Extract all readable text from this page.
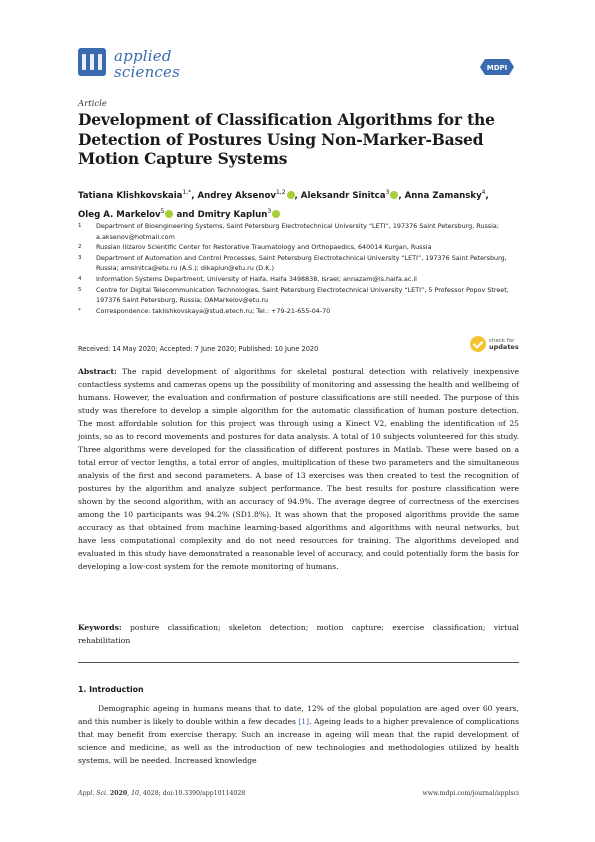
applied
sciences	MDPI
Article
Development of Classification Algorithms for the Detection of Postures Using Non-Marker-Based Motion Capture Systems
Tatiana Klishkovskaia$^{1,*}$, Andrey Aksenov$^{1,2}$ , Aleksandr Sinitca$^3$ , Anna Zamansky$^4$,
Oleg A. Markelov$^5$ and Dmitry Kaplun$^3$
1	Department of Bioengineering Systems, Saint Petersburg Electrotechnical University “LETI”, 197376 Saint Petersburg, Russia; a.aksenov@hotmail.com
2	Russian Ilizarov Scientific Center for Restorative Traumatology and Orthopaedics, 640014 Kurgan, Russia
3	Department of Automation and Control Processes, Saint Petersburg Electrotechnical University “LETI”, 197376 Saint Petersburg, Russia; amsinitca@etu.ru (A.S.); dikaplun@etu.ru (D.K.)
4	Information Systems Department, University of Haifa, Haifa 3498838, Israel; annazam@is.haifa.ac.il
5	Centre for Digital Telecommunication Technologies, Saint Petersburg Electrotechnical University “LETI”, 5 Professor Popov Street, 197376 Saint Petersburg, Russia; OAMarkelov@etu.ru
*	Correspondence: taklishkovskaya@stud.etech.ru; Tel.: +79-21-655-04-70
Received: 14 May 2020; Accepted: 7 June 2020; Published: 10 June 2020
check for
updates
Abstract: The rapid development of algorithms for skeletal postural detection with relatively inexpensive contactless systems and cameras opens up the possibility of monitoring and assessing the health and wellbeing of humans. However, the evaluation and confirmation of posture classifications are still needed. The purpose of this study was therefore to develop a simple algorithm for the automatic classification of human posture detection. The most affordable solution for this project was through using a Kinect V2, enabling the identification of 25 joints, so as to record movements and postures for data analysis. A total of 10 subjects volunteered for this study. Three algorithms were developed for the classification of different postures in Matlab. These were based on a total error of vector lengths, a total error of angles, multiplication of these two parameters and the simultaneous analysis of the first and second parameters. A base of 13 exercises was then created to test the recognition of postures by the algorithm and analyze subject performance. The best results for posture classification were shown by the second algorithm, with an accuracy of 94.9%. The average degree of correctness of the exercises among the 10 participants was 94.2% (SD1.8%). It was shown that the proposed algorithms provide the same accuracy as that obtained from machine learning-based algorithms and algorithms with neural networks, but have less computational complexity and do not need resources for training. The algorithms developed and evaluated in this study have demonstrated a reasonable level of accuracy, and could potentially form the basis for developing a low-cost system for the remote monitoring of humans.
Keywords: posture classification; skeleton detection; motion capture; exercise classification; virtual rehabilitation
1. Introduction
Demographic ageing in humans means that to date, 12% of the global population are aged over 60 years, and this number is likely to double within a few decades [1]. Ageing leads to a higher prevalence of complications that may benefit from exercise therapy. Such an increase in ageing will mean that the rapid development of science and medicine, as well as the introduction of new technologies and methodologies utilized by health systems, will be needed. Increased knowledge
Appl. Sci. 2020, 10, 4028; doi:10.3390/app10114028	www.mdpi.com/journal/applsci
